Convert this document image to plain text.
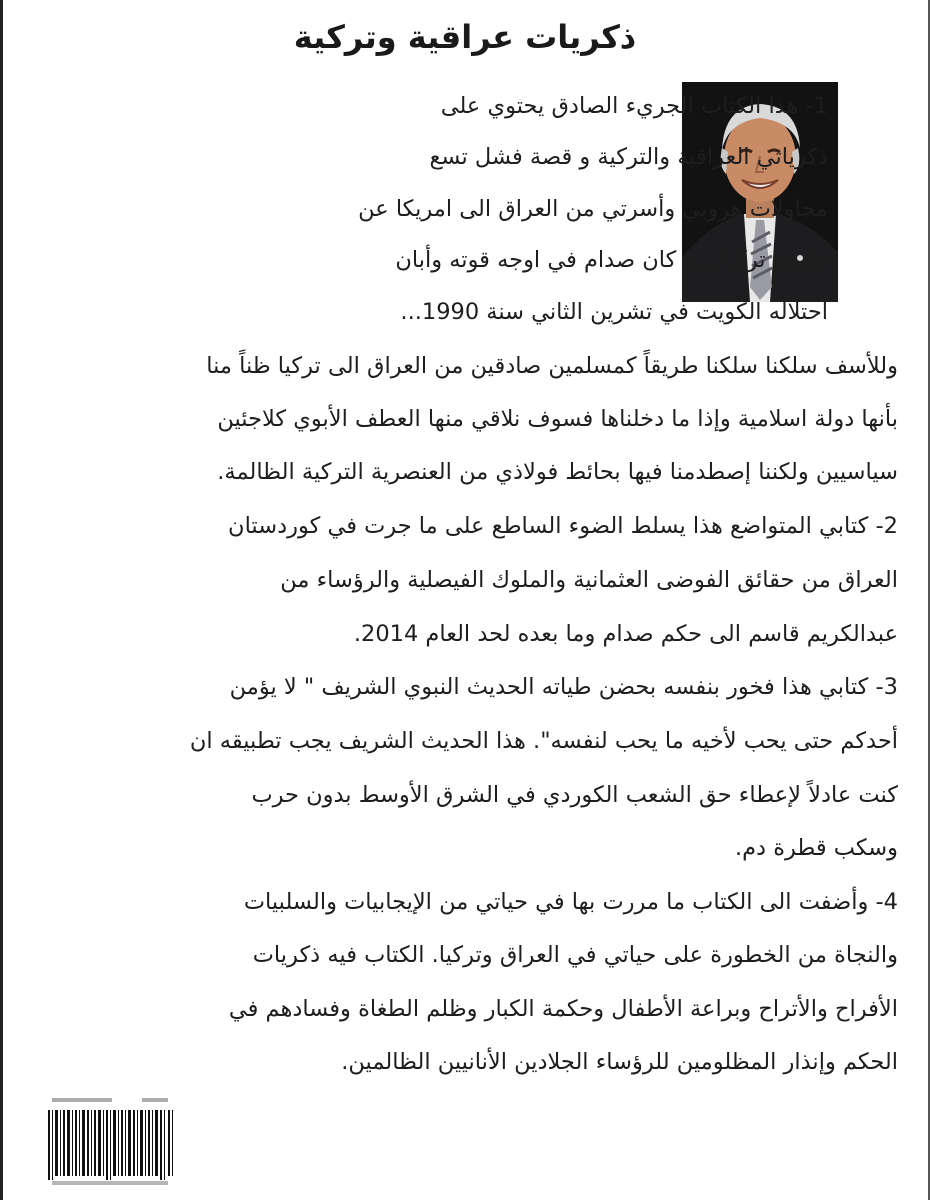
ذكريات عراقية وتركية
1- هذا الكتاب الجريء الصادق يحتوي على
ذكرياتي العراقية والتركية و قصة فشل تسع
محاولات هروبي وأسرتي من العراق الى امريكا عن
طريق تركيا يوم كان صدام في اوجه قوته وأبان
احتلاله الكويت في تشرين الثاني سنة 1990...
وللأسف سلكنا سلكنا طريقاً كمسلمين صادقين من العراق الى تركيا ظناً منا
بأنها دولة اسلامية وإذا ما دخلناها فسوف نلاقي منها العطف الأبوي كلاجئين
سياسيين ولكننا إصطدمنا فيها بحائط فولاذي من العنصرية التركية الظالمة.
2- كتابي المتواضع هذا يسلط الضوء الساطع على ما جرت في كوردستان
العراق من حقائق الفوضى العثمانية والملوك الفيصلية والرؤساء من
عبدالكريم قاسم الى حكم صدام وما بعده لحد العام 2014.
3- كتابي هذا فخور بنفسه بحضن طياته الحديث النبوي الشريف " لا يؤمن
أحدكم حتى يحب لأخيه ما يحب لنفسه". هذا الحديث الشريف يجب تطبيقه ان
كنت عادلاً لإعطاء حق الشعب الكوردي في الشرق الأوسط بدون حرب
وسكب قطرة دم.
4- وأضفت الى الكتاب ما مررت بها في حياتي من الإيجابيات والسلبيات
والنجاة من الخطورة على حياتي في العراق وتركيا. الكتاب فيه ذكريات
الأفراح والأتراح وبراعة الأطفال وحكمة الكبار وظلم الطغاة وفسادهم في
الحكم وإنذار المظلومين للرؤساء الجلادين الأنانيين الظالمين.
